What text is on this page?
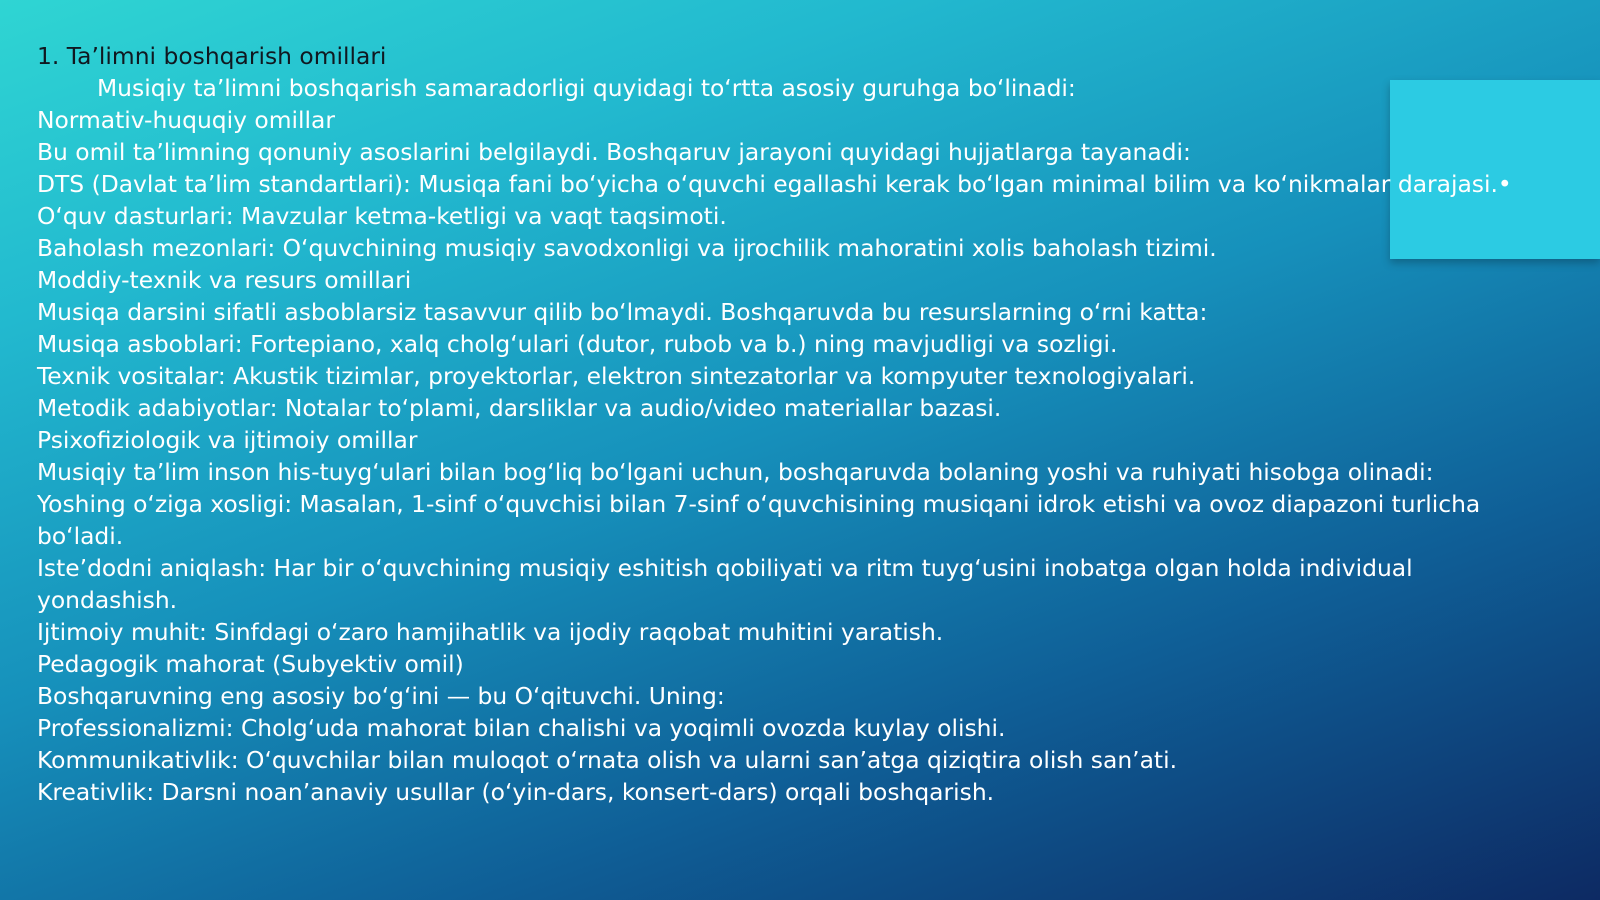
1. Ta’limni boshqarish omillari
Musiqiy ta’limni boshqarish samaradorligi quyidagi to‘rtta asosiy guruhga bo‘linadi:
Normativ-huquqiy omillar
Bu omil ta’limning qonuniy asoslarini belgilaydi. Boshqaruv jarayoni quyidagi hujjatlarga tayanadi:
DTS (Davlat ta’lim standartlari): Musiqa fani bo‘yicha o‘quvchi egallashi kerak bo‘lgan minimal bilim va ko‘nikmalar darajasi.• O‘quv dasturlari: Mavzular ketma-ketligi va vaqt taqsimoti.
Baholash mezonlari: O‘quvchining musiqiy savodxonligi va ijrochilik mahoratini xolis baholash tizimi.
Moddiy-texnik va resurs omillari
Musiqa darsini sifatli asboblarsiz tasavvur qilib bo‘lmaydi. Boshqaruvda bu resurslarning o‘rni katta:
Musiqa asboblari: Fortepiano, xalq cholg‘ulari (dutor, rubob va b.) ning mavjudligi va sozligi.
Texnik vositalar: Akustik tizimlar, proyektorlar, elektron sintezatorlar va kompyuter texnologiyalari.
Metodik adabiyotlar: Notalar to‘plami, darsliklar va audio/video materiallar bazasi.
Psixofiziologik va ijtimoiy omillar
Musiqiy ta’lim inson his-tuyg‘ulari bilan bog‘liq bo‘lgani uchun, boshqaruvda bolaning yoshi va ruhiyati hisobga olinadi:
Yoshing o‘ziga xosligi: Masalan, 1-sinf o‘quvchisi bilan 7-sinf o‘quvchisining musiqani idrok etishi va ovoz diapazoni turlicha bo‘ladi.
Iste’dodni aniqlash: Har bir o‘quvchining musiqiy eshitish qobiliyati va ritm tuyg‘usini inobatga olgan holda individual yondashish.
Ijtimoiy muhit: Sinfdagi o‘zaro hamjihatlik va ijodiy raqobat muhitini yaratish.
Pedagogik mahorat (Subyektiv omil)
Boshqaruvning eng asosiy bo‘g‘ini — bu O‘qituvchi. Uning:
Professionalizmi: Cholg‘uda mahorat bilan chalishi va yoqimli ovozda kuylay olishi.
Kommunikativlik: O‘quvchilar bilan muloqot o‘rnata olish va ularni san’atga qiziqtira olish san’ati.
Kreativlik: Darsni noan’anaviy usullar (o‘yin-dars, konsert-dars) orqali boshqarish.
